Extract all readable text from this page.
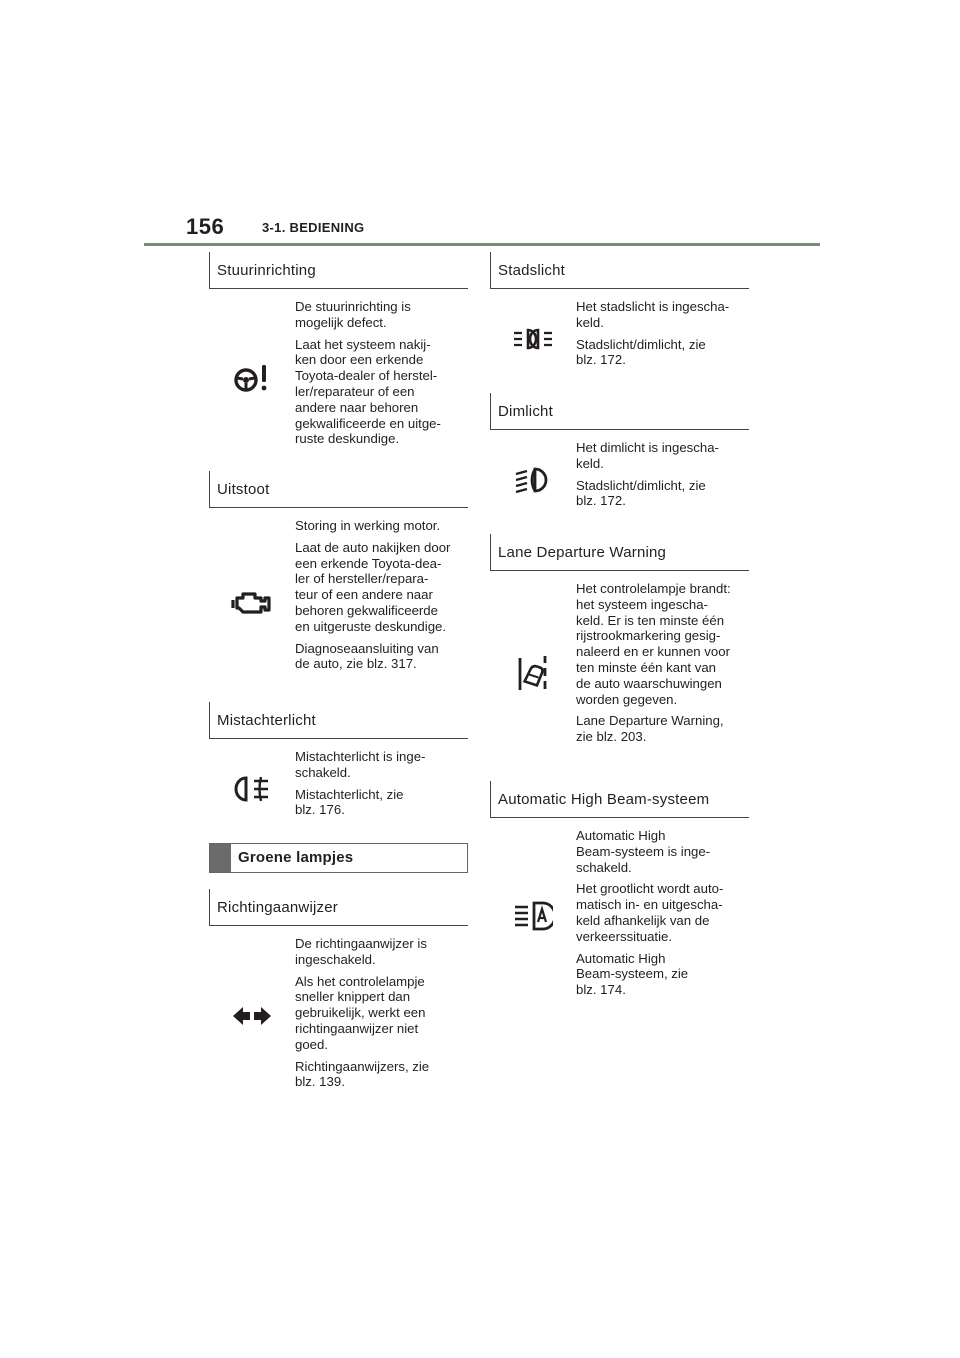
156	3-1. BEDIENING
Stuurinrichting

De stuurinrichting is
mogelijk defect.

Laat het systeem nakij-
ken door een erkende
Toyota-dealer of herstel-
ler/reparateur of een
andere naar behoren
gekwalificeerde en uitge-
ruste deskundige.

Uitstoot

Storing in werking motor.

Laat de auto nakijken door
een erkende Toyota-dea-
ler of hersteller/repara-
teur of een andere naar
behoren gekwalificeerde
en uitgeruste deskundige.

Diagnoseaansluiting van
de auto, zie blz. 317.

Mistachterlicht

Mistachterlicht is inge-
schakeld.

Mistachterlicht, zie
blz. 176.

Groene lampjes
Richtingaanwijzer

De richtingaanwijzer is
ingeschakeld.

Als het controlelampje
sneller knippert dan
gebruikelijk, werkt een
richtingaanwijzer niet
goed.

Richtingaanwijzers, zie
blz. 139.

Stadslicht

Het stadslicht is ingescha-
keld.

Stadslicht/dimlicht, zie
blz. 172.

Dimlicht

Het dimlicht is ingescha-
keld.

Stadslicht/dimlicht, zie
blz. 172.

Lane Departure Warning

Het controlelampje brandt:
het systeem ingescha-
keld. Er is ten minste één
rijstrookmarkering gesig-
naleerd en er kunnen voor
ten minste één kant van
de auto waarschuwingen
worden gegeven.

Lane Departure Warning,
zie blz. 203.

Automatic High Beam-systeem

Automatic High
Beam-systeem is inge-
schakeld.

Het grootlicht wordt auto-
matisch in- en uitgescha-
keld afhankelijk van de
verkeerssituatie.

Automatic High
Beam-systeem, zie
blz. 174.
